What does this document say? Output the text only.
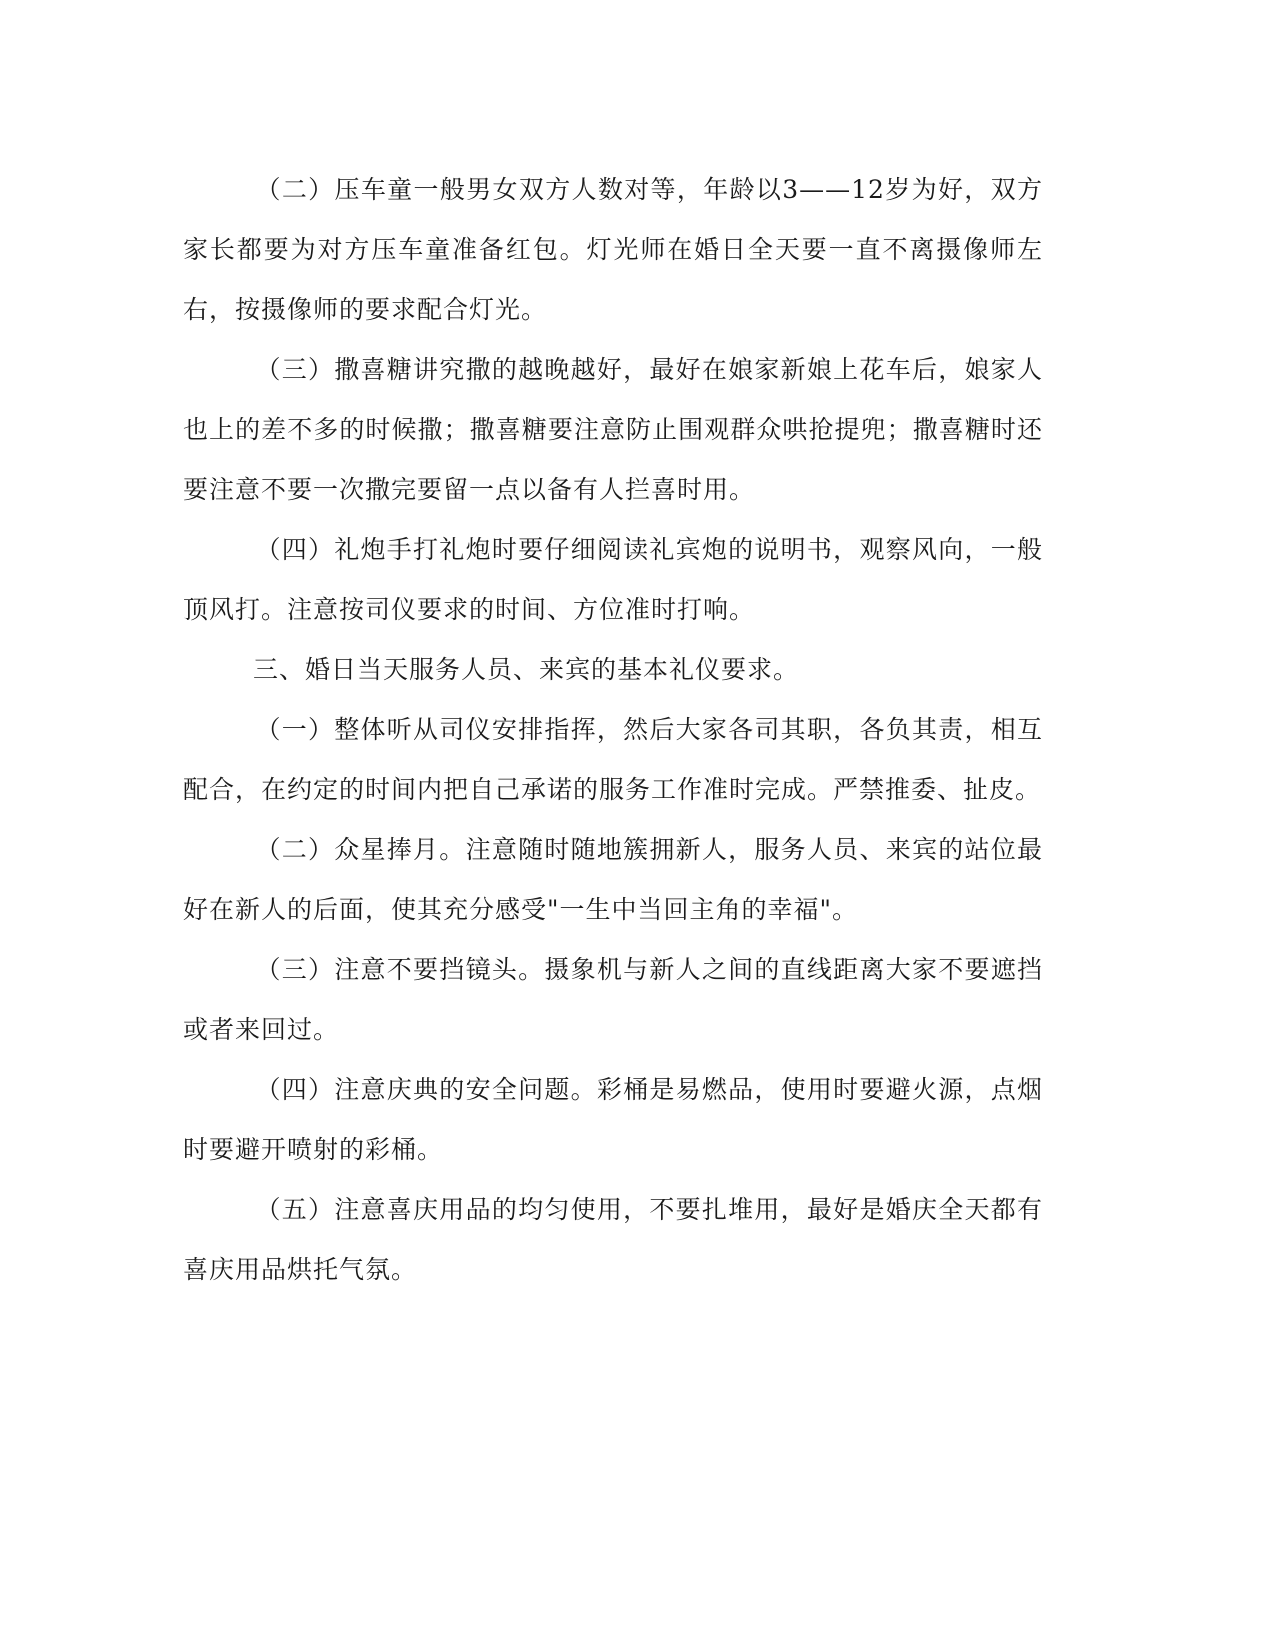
（二）压车童一般男女双方人数对等，年龄以3——12岁为好，双方家长都要为对方压车童准备红包。灯光师在婚日全天要一直不离摄像师左右，按摄像师的要求配合灯光。

（三）撒喜糖讲究撒的越晚越好，最好在娘家新娘上花车后，娘家人也上的差不多的时候撒；撒喜糖要注意防止围观群众哄抢提兜；撒喜糖时还要注意不要一次撒完要留一点以备有人拦喜时用。

（四）礼炮手打礼炮时要仔细阅读礼宾炮的说明书，观察风向，一般顶风打。注意按司仪要求的时间、方位准时打响。

三、婚日当天服务人员、来宾的基本礼仪要求。

（一）整体听从司仪安排指挥，然后大家各司其职，各负其责，相互配合，在约定的时间内把自己承诺的服务工作准时完成。严禁推委、扯皮。

（二）众星捧月。注意随时随地簇拥新人，服务人员、来宾的站位最好在新人的后面，使其充分感受"一生中当回主角的幸福"。

（三）注意不要挡镜头。摄象机与新人之间的直线距离大家不要遮挡或者来回过。

（四）注意庆典的安全问题。彩桶是易燃品，使用时要避火源，点烟时要避开喷射的彩桶。

（五）注意喜庆用品的均匀使用，不要扎堆用，最好是婚庆全天都有喜庆用品烘托气氛。
